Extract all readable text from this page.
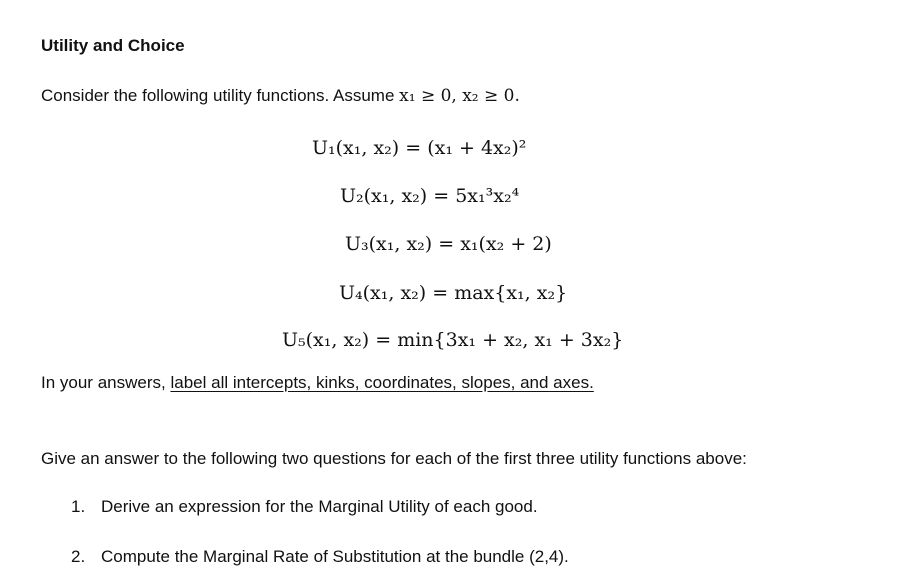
Utility and Choice
Consider the following utility functions. Assume x₁ ≥ 0, x₂ ≥ 0.
U₁(x₁, x₂) = (x₁ + 4x₂)²
U₂(x₁, x₂) = 5x₁³x₂⁴
U₃(x₁, x₂) = x₁(x₂ + 2)
U₄(x₁, x₂) = max{x₁, x₂}
U₅(x₁, x₂) = min{3x₁ + x₂, x₁ + 3x₂}
In your answers, label all intercepts, kinks, coordinates, slopes, and axes.
Give an answer to the following two questions for each of the first three utility functions above:
1. Derive an expression for the Marginal Utility of each good.
2. Compute the Marginal Rate of Substitution at the bundle (2,4).
